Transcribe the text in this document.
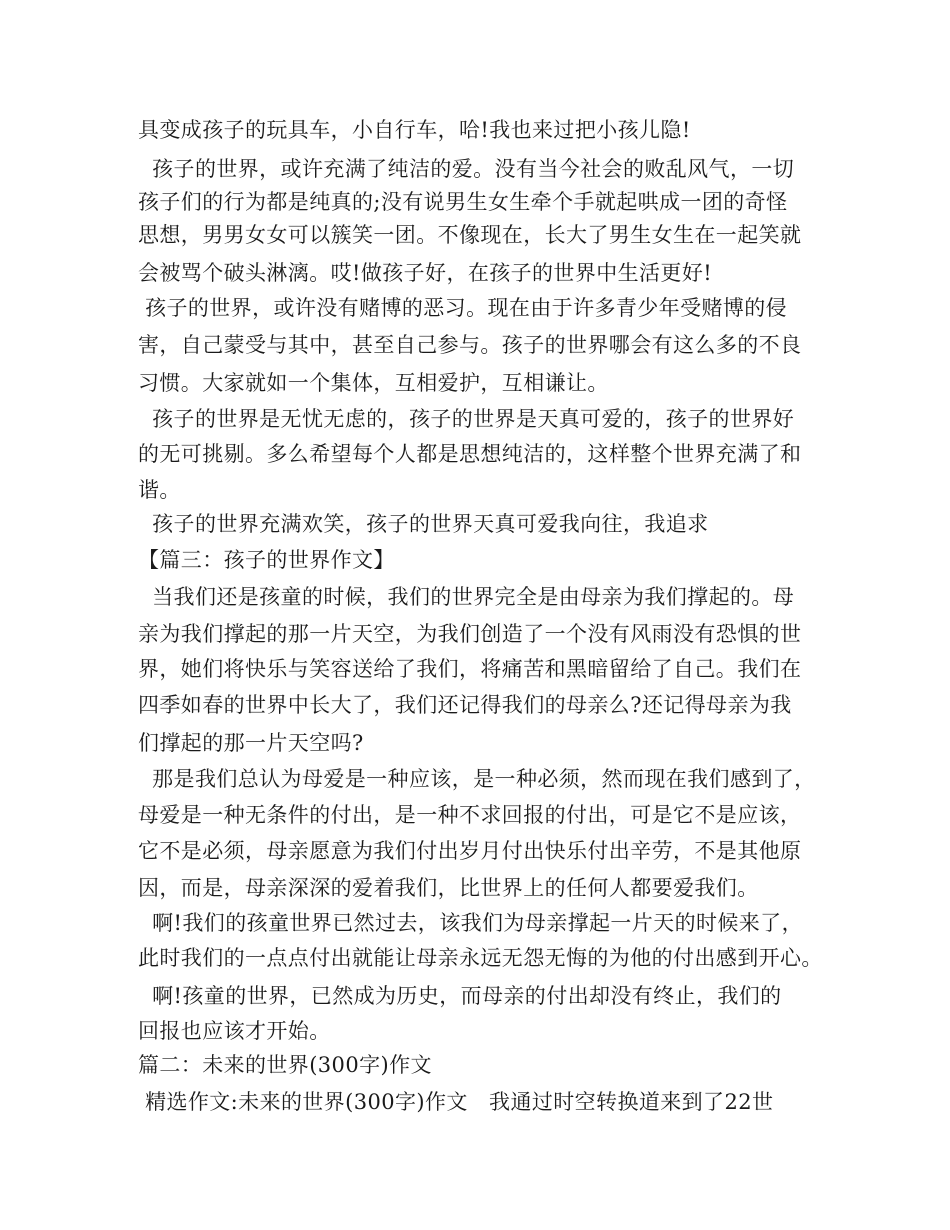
具变成孩子的玩具车，小自行车，哈!我也来过把小孩儿隐!
孩子的世界，或许充满了纯洁的爱。没有当今社会的败乱风气，一切
孩子们的行为都是纯真的;没有说男生女生牵个手就起哄成一团的奇怪
思想，男男女女可以簇笑一团。不像现在，长大了男生女生在一起笑就
会被骂个破头淋漓。哎!做孩子好，在孩子的世界中生活更好!
孩子的世界，或许没有赌博的恶习。现在由于许多青少年受赌博的侵
害，自己蒙受与其中，甚至自己参与。孩子的世界哪会有这么多的不良
习惯。大家就如一个集体，互相爱护，互相谦让。
孩子的世界是无忧无虑的，孩子的世界是天真可爱的，孩子的世界好
的无可挑剔。多么希望每个人都是思想纯洁的，这样整个世界充满了和
谐。
孩子的世界充满欢笑，孩子的世界天真可爱我向往，我追求
【篇三：孩子的世界作文】
当我们还是孩童的时候，我们的世界完全是由母亲为我们撑起的。母
亲为我们撑起的那一片天空，为我们创造了一个没有风雨没有恐惧的世
界，她们将快乐与笑容送给了我们，将痛苦和黑暗留给了自己。我们在
四季如春的世界中长大了，我们还记得我们的母亲么?还记得母亲为我
们撑起的那一片天空吗?
那是我们总认为母爱是一种应该，是一种必须，然而现在我们感到了，
母爱是一种无条件的付出，是一种不求回报的付出，可是它不是应该，
它不是必须，母亲愿意为我们付出岁月付出快乐付出辛劳，不是其他原
因，而是，母亲深深的爱着我们，比世界上的任何人都要爱我们。
啊!我们的孩童世界已然过去，该我们为母亲撑起一片天的时候来了，
此时我们的一点点付出就能让母亲永远无怨无悔的为他的付出感到开心。
啊!孩童的世界，已然成为历史，而母亲的付出却没有终止，我们的
回报也应该才开始。
篇二：未来的世界(300字)作文
精选作文:未来的世界(300字)作文   我通过时空转换道来到了22世
